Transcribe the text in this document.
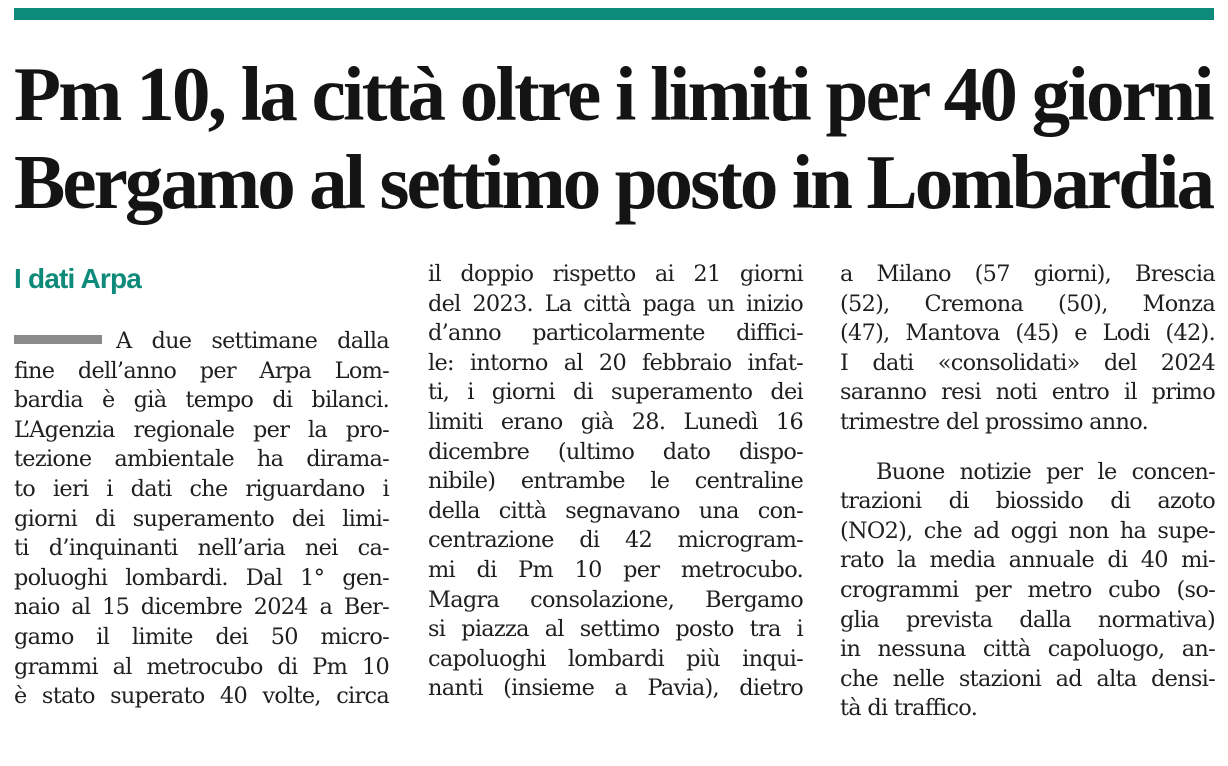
Pm 10, la città oltre i limiti per 40 giorni
Bergamo al settimo posto in Lombardia
I dati Arpa

A due settimane dalla
fine dell’anno per Arpa Lom-
bardia è già tempo di bilanci.
L’Agenzia regionale per la pro-
tezione ambientale ha dirama-
to ieri i dati che riguardano i
giorni di superamento dei limi-
ti d’inquinanti nell’aria nei ca-
poluoghi lombardi. Dal 1° gen-
naio al 15 dicembre 2024 a Ber-
gamo il limite dei 50 micro-
grammi al metrocubo di Pm 10
è stato superato 40 volte, circa

il doppio rispetto ai 21 giorni
del 2023. La città paga un inizio
d’anno particolarmente diffici-
le: intorno al 20 febbraio infat-
ti, i giorni di superamento dei
limiti erano già 28. Lunedì 16
dicembre (ultimo dato dispo-
nibile) entrambe le centraline
della città segnavano una con-
centrazione di 42 microgram-
mi di Pm 10 per metrocubo.
Magra consolazione, Bergamo
si piazza al settimo posto tra i
capoluoghi lombardi più inqui-
nanti (insieme a Pavia), dietro

a Milano (57 giorni), Brescia
(52), Cremona (50), Monza
(47), Mantova (45) e Lodi (42).
I dati «consolidati» del 2024
saranno resi noti entro il primo
trimestre del prossimo anno.

Buone notizie per le concen-
trazioni di biossido di azoto
(NO2), che ad oggi non ha supe-
rato la media annuale di 40 mi-
crogrammi per metro cubo (so-
glia prevista dalla normativa)
in nessuna città capoluogo, an-
che nelle stazioni ad alta densi-
tà di traffico.
